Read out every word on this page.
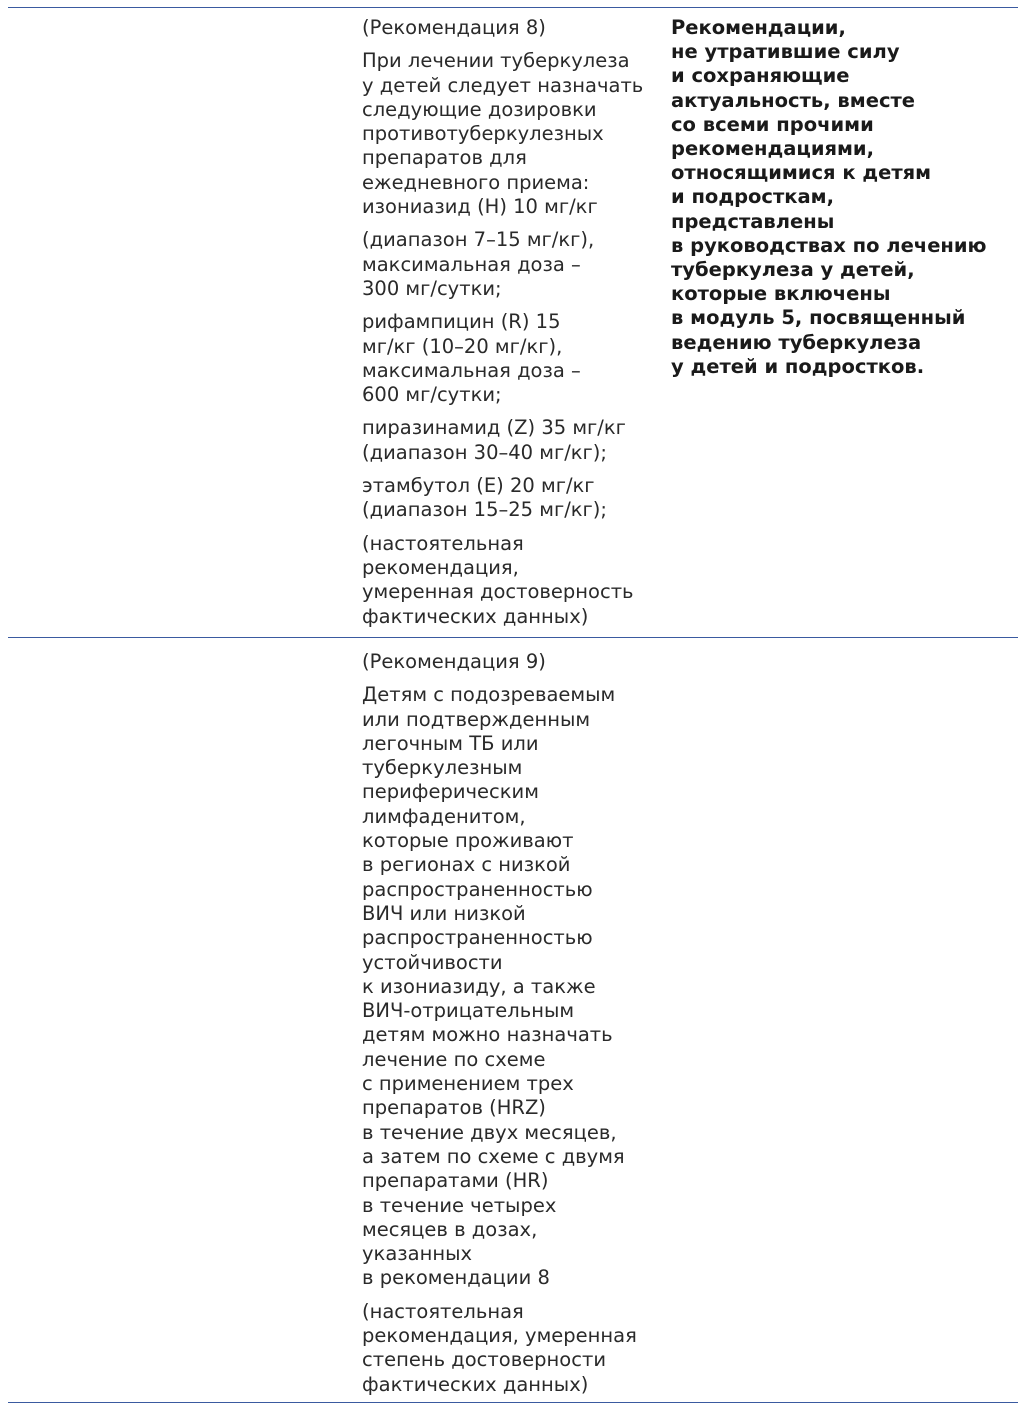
(Рекомендация 8)

При лечении туберкулеза
у детей следует назначать
следующие дозировки
противотуберкулезных
препаратов для
ежедневного приема:
изониазид (H) 10 мг/кг

(диапазон 7–15 мг/кг),
максимальная доза –
300 мг/сутки;

рифампицин (R) 15
мг/кг (10–20 мг/кг),
максимальная доза –
600 мг/сутки;

пиразинамид (Z) 35 мг/кг
(диапазон 30–40 мг/кг);

этамбутол (E) 20 мг/кг
(диапазон 15–25 мг/кг);

(настоятельная
рекомендация,
умеренная достоверность
фактических данных)

Рекомендации,
не утратившие силу
и сохраняющие
актуальность, вместе
со всеми прочими
рекомендациями,
относящимися к детям
и подросткам,
представлены
в руководствах по лечению
туберкулеза у детей,
которые включены
в модуль 5, посвященный
ведению туберкулеза
у детей и подростков.

(Рекомендация 9)

Детям с подозреваемым
или подтвержденным
легочным ТБ или
туберкулезным
периферическим
лимфаденитом,
которые проживают
в регионах с низкой
распространенностью
ВИЧ или низкой
распространенностью
устойчивости
к изониазиду, а также
ВИЧ-отрицательным
детям можно назначать
лечение по схеме
с применением трех
препаратов (HRZ)
в течение двух месяцев,
а затем по схеме с двумя
препаратами (HR)
в течение четырех
месяцев в дозах,
указанных
в рекомендации 8

(настоятельная
рекомендация, умеренная
степень достоверности
фактических данных)
